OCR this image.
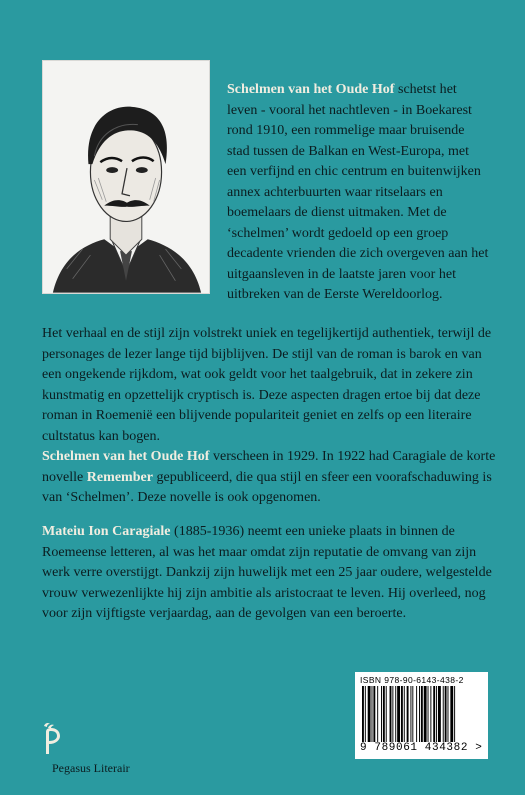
Schelmen van het Oude Hof schetst het leven - vooral het nachtleven - in Boekarest rond 1910, een rommelige maar bruisende stad tussen de Balkan en West-Europa, met een verfijnd en chic centrum en buitenwijken annex achterbuurten waar ritselaars en boemelaars de dienst uitmaken. Met de ‘schelmen’ wordt gedoeld op een groep decadente vrienden die zich overgeven aan het uitgaansleven in de laatste jaren voor het uitbreken van de Eerste Wereldoorlog.

Het verhaal en de stijl zijn volstrekt uniek en tegelijkertijd authentiek, terwijl de personages de lezer lange tijd bijblijven. De stijl van de roman is barok en van een ongekende rijkdom, wat ook geldt voor het taalgebruik, dat in zekere zin kunstmatig en opzettelijk cryptisch is. Deze aspecten dragen ertoe bij dat deze roman in Roemenië een blijvende populariteit geniet en zelfs op een literaire cultstatus kan bogen.
Schelmen van het Oude Hof verscheen in 1929. In 1922 had Caragiale de korte novelle Remember gepubliceerd, die qua stijl en sfeer een voorafschaduwing is van ‘Schelmen’. Deze novelle is ook opgenomen.

Mateiu Ion Caragiale (1885-1936) neemt een unieke plaats in binnen de Roemeense letteren, al was het maar omdat zijn reputatie de omvang van zijn werk verre overstijgt. Dankzij zijn huwelijk met een 25 jaar oudere, welgestelde vrouw verwezenlijkte hij zijn ambitie als aristocraat te leven. Hij overleed, nog voor zijn vijftigste verjaardag, aan de gevolgen van een beroerte.

ISBN 978-90-6143-438-2
9 789061 434382 >
Pegasus Literair
